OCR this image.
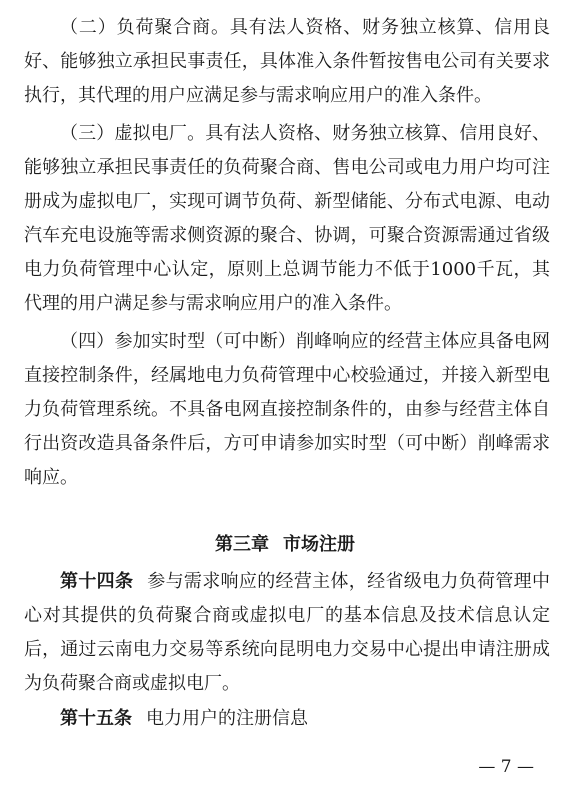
（二）负荷聚合商。具有法人资格、财务独立核算、信用良好、能够独立承担民事责任，具体准入条件暂按售电公司有关要求执行，其代理的用户应满足参与需求响应用户的准入条件。

（三）虚拟电厂。具有法人资格、财务独立核算、信用良好、能够独立承担民事责任的负荷聚合商、售电公司或电力用户均可注册成为虚拟电厂，实现可调节负荷、新型储能、分布式电源、电动汽车充电设施等需求侧资源的聚合、协调，可聚合资源需通过省级电力负荷管理中心认定，原则上总调节能力不低于1000千瓦，其代理的用户满足参与需求响应用户的准入条件。

（四）参加实时型（可中断）削峰响应的经营主体应具备电网直接控制条件，经属地电力负荷管理中心校验通过，并接入新型电力负荷管理系统。不具备电网直接控制条件的，由参与经营主体自行出资改造具备条件后，方可申请参加实时型（可中断）削峰需求响应。

第三章 市场注册

第十四条 参与需求响应的经营主体，经省级电力负荷管理中心对其提供的负荷聚合商或虚拟电厂的基本信息及技术信息认定后，通过云南电力交易等系统向昆明电力交易中心提出申请注册成为负荷聚合商或虚拟电厂。

第十五条 电力用户的注册信息

— 7 —
